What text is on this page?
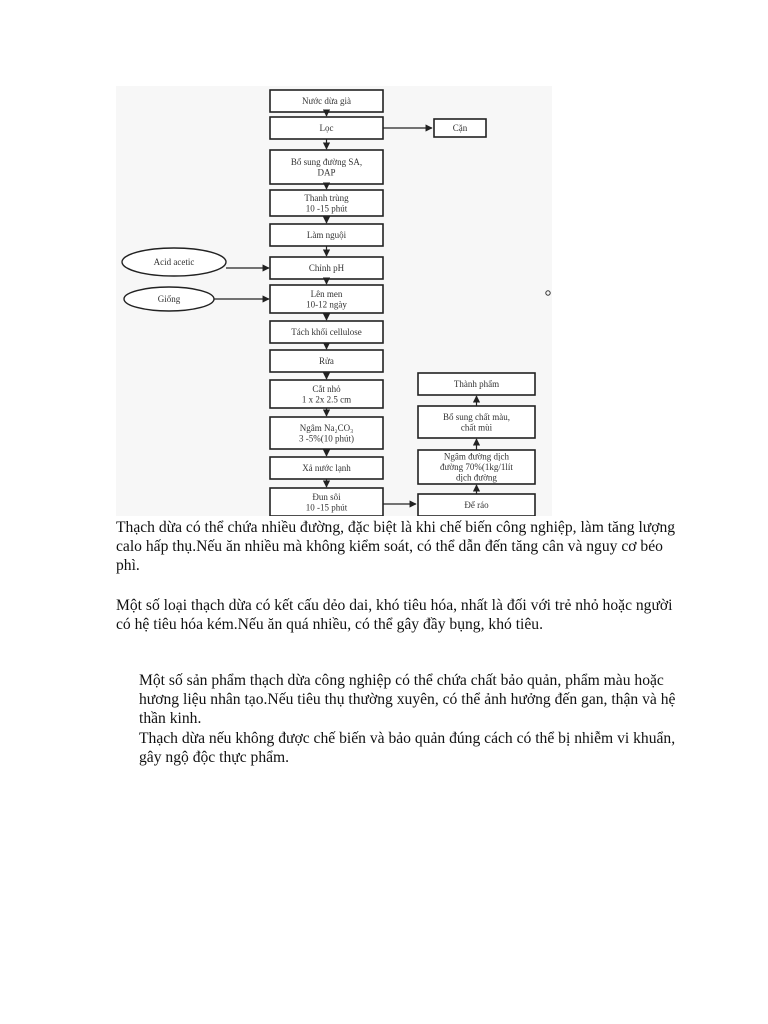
Nước dừa già
Lọc
Bổ sung đường SA,
DAP
Thanh trùng
10 -15 phút
Làm nguội
Chỉnh pH
Lên men
10-12 ngày
Tách khối cellulose
Rửa
Cắt nhỏ
1 x 2x 2.5 cm
Ngâm Na₂CO₃
3 -5%(10 phút)
Xả nước lạnh
Đun sôi
10 -15 phút
Cặn
Thành phẩm
Bổ sung chất màu,
chất mùi
Ngâm đường dịch
đường 70%(1kg/1lít
dịch đường
Để ráo
Acid acetic
Giống

Thạch dừa có thể chứa nhiều đường, đặc biệt là khi chế biến công nghiệp, làm tăng lượng calo hấp thụ.Nếu ăn nhiều mà không kiểm soát, có thể dẫn đến tăng cân và nguy cơ béo phì.

Một số loại thạch dừa có kết cấu dẻo dai, khó tiêu hóa, nhất là đối với trẻ nhỏ hoặc người có hệ tiêu hóa kém.Nếu ăn quá nhiều, có thể gây đầy bụng, khó tiêu.

Một số sản phẩm thạch dừa công nghiệp có thể chứa chất bảo quản, phẩm màu hoặc hương liệu nhân tạo.Nếu tiêu thụ thường xuyên, có thể ảnh hưởng đến gan, thận và hệ thần kinh.

Thạch dừa nếu không được chế biến và bảo quản đúng cách có thể bị nhiễm vi khuẩn, gây ngộ độc thực phẩm.
